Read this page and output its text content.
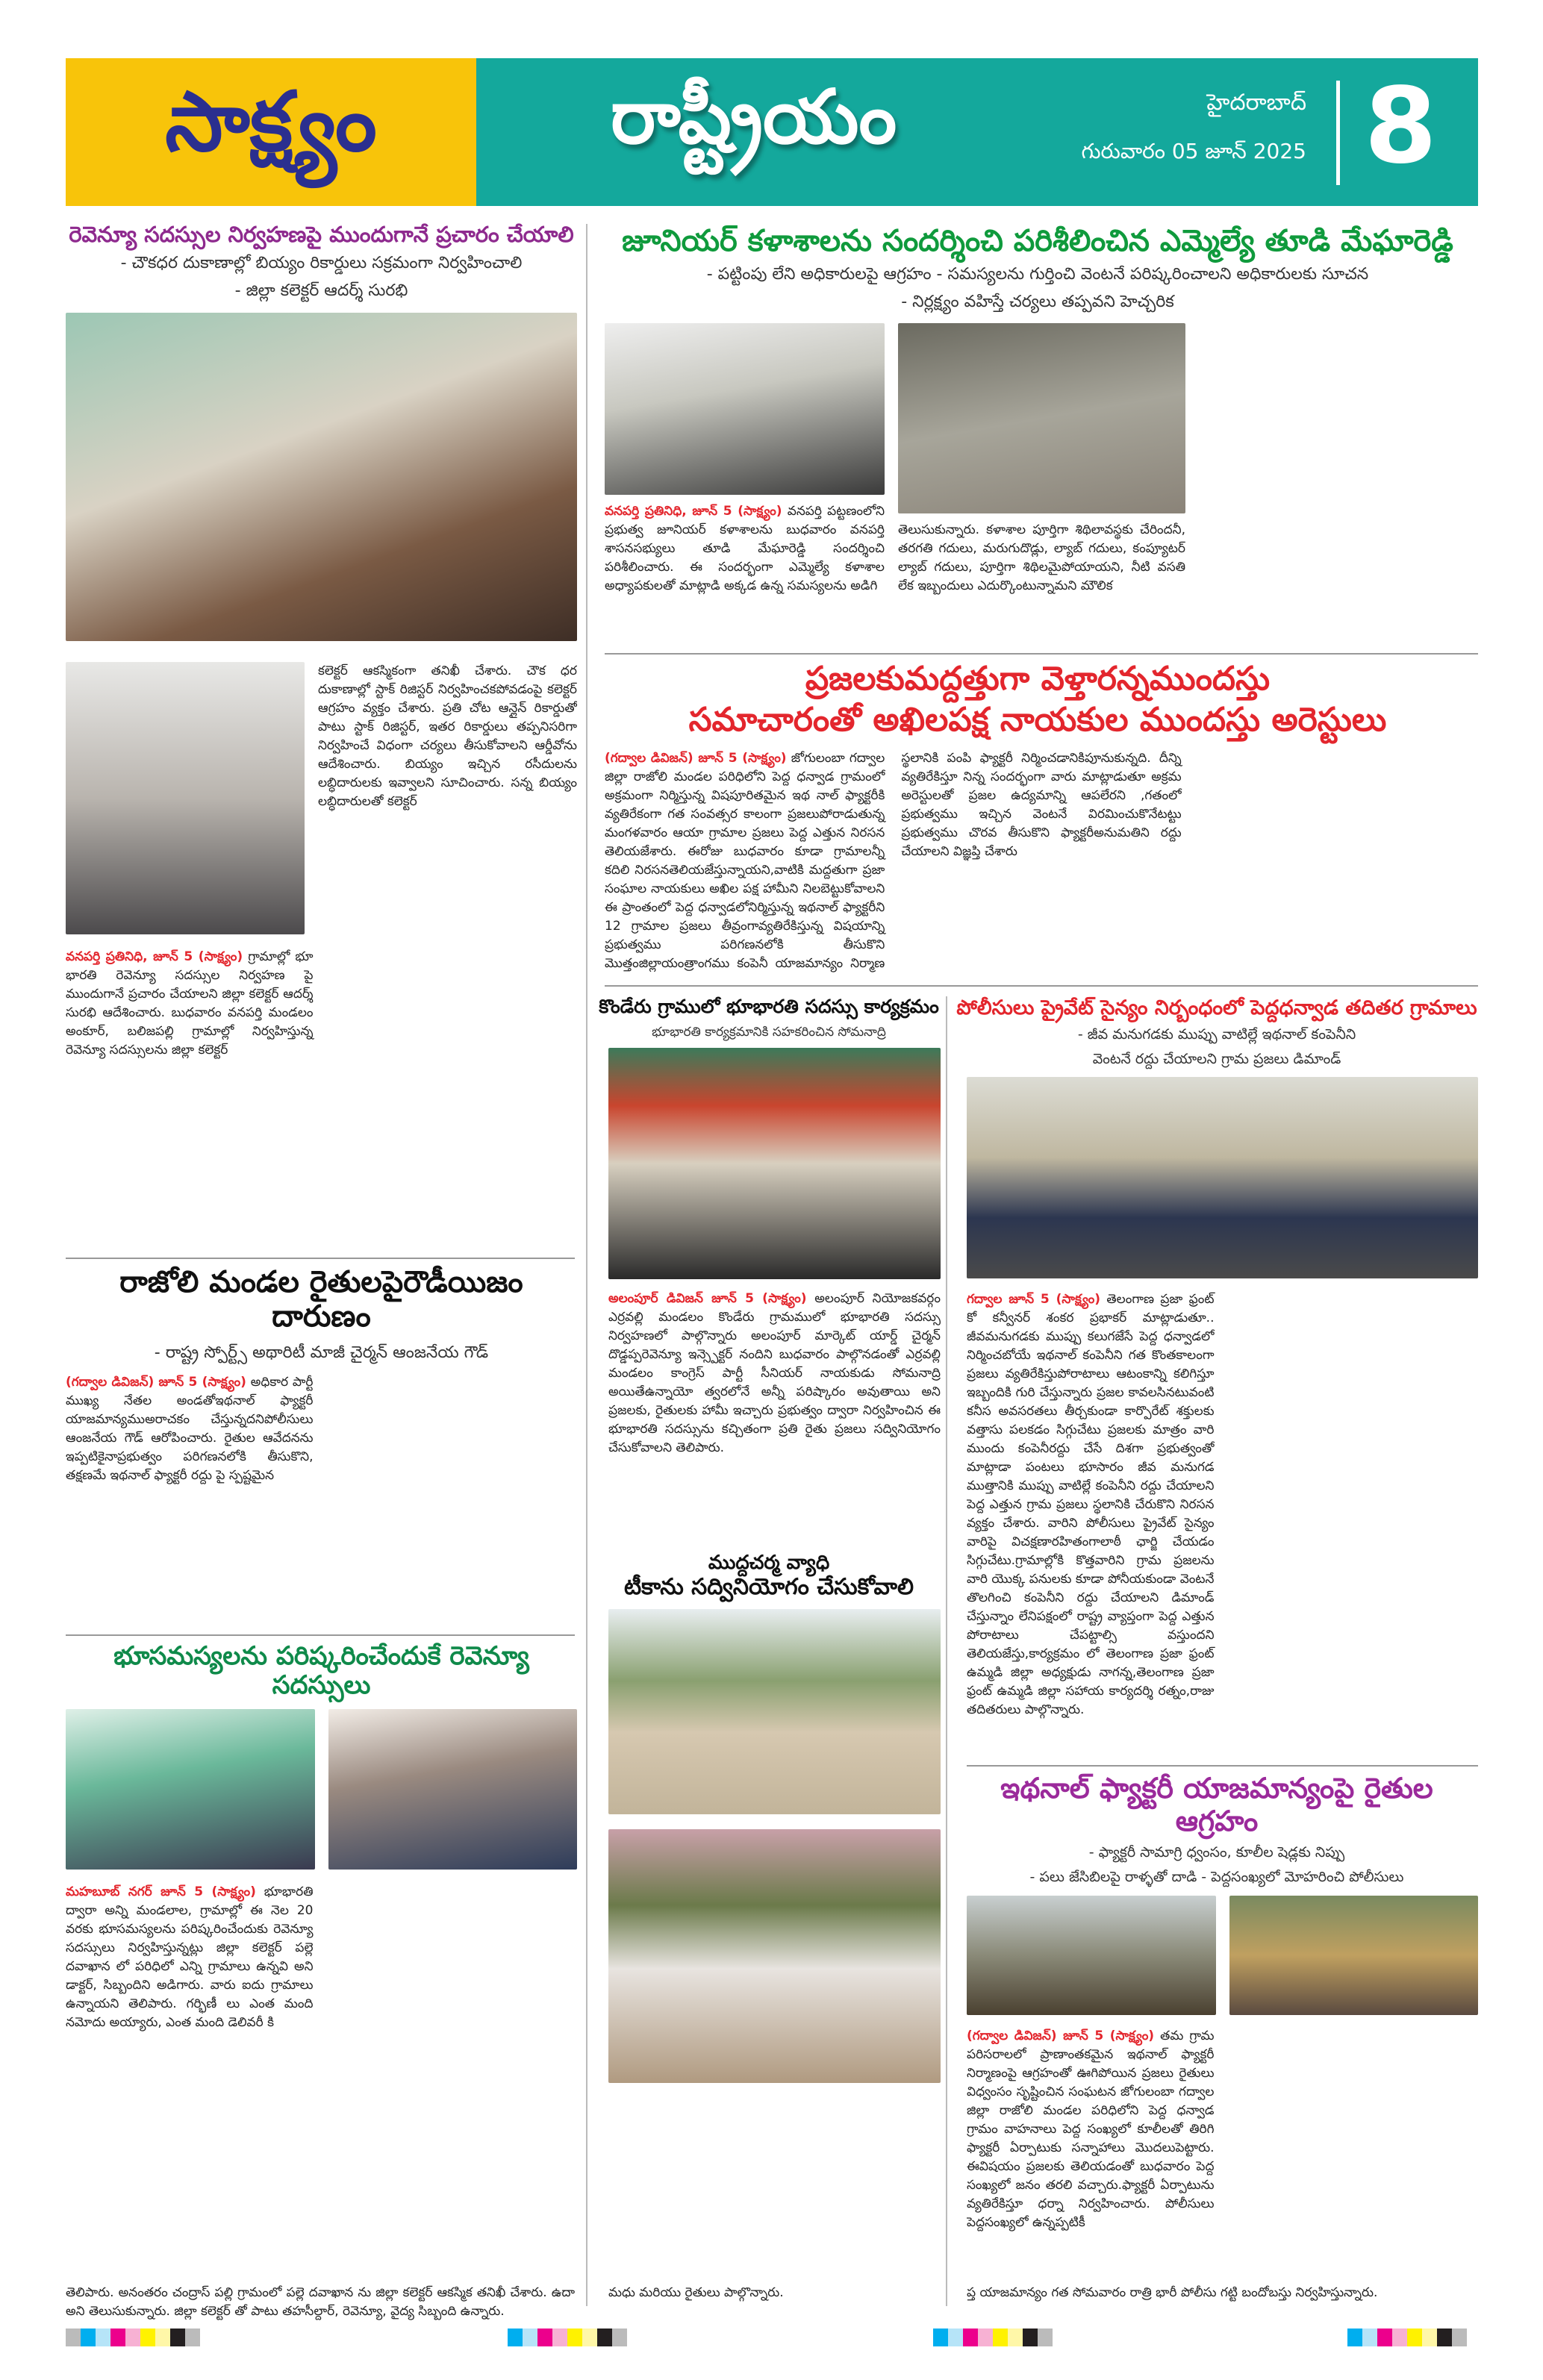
సాక్ష్యం	రాష్ట్రీయం	హైదరాబాద్
గురువారం 05 జూన్ 2025 8
రెవెన్యూ సదస్సుల నిర్వహణపై ముందుగానే ప్రచారం చేయాలి
- చౌకధర దుకాణాల్లో బియ్యం రికార్డులు సక్రమంగా నిర్వహించాలి
- జిల్లా కలెక్టర్ ఆదర్శ్ సురభి
కలెక్టర్ ఆకస్మికంగా తనిఖీ చేశారు. చౌక ధర దుకాణాల్లో స్టాక్ రిజిస్టర్ నిర్వహించకపోవడంపై కలెక్టర్ ఆగ్రహం వ్యక్తం చేశారు. ప్రతి చోట ఆన్లైన్ రికార్డుతో పాటు స్టాక్ రిజిస్టర్, ఇతర రికార్డులు తప్పనిసరిగా నిర్వహించే విధంగా చర్యలు తీసుకోవాలని ఆర్డీవోను ఆదేశించారు. బియ్యం ఇచ్చిన రసీదులను లబ్ధిదారులకు ఇవ్వాలని సూచించారు. సన్న బియ్యం లబ్ధిదారులతో కలెక్టర్
వనపర్తి ప్రతినిధి, జూన్ 5 (సాక్ష్యం) గ్రామాల్లో భూ భారతి రెవెన్యూ సదస్సుల నిర్వహణ పై ముందుగానే ప్రచారం చేయాలని జిల్లా కలెక్టర్ ఆదర్శ్ సురభి ఆదేశించారు. బుధవారం వనపర్తి మండలం అంకూర్, బలిజపల్లి గ్రామాల్లో నిర్వహిస్తున్న రెవెన్యూ సదస్సులను జిల్లా కలెక్టర్
రాజోలి మండల రైతులపైరౌడీయిజం దారుణం
- రాష్ట్ర స్పోర్ట్స్ అథారిటీ మాజీ చైర్మన్ ఆంజనేయ గౌడ్
(గద్వాల డివిజన్) జూన్ 5 (సాక్ష్యం) అధికార పార్టీ ముఖ్య నేతల అండతోఇథనాల్ ఫ్యాక్టరీ యాజమాన్యముఅరాచకం చేస్తున్నదనిపోలీసులు ఆంజనేయ గౌడ్ ఆరోపించారు. రైతుల ఆవేదనను ఇప్పటికైనాప్రభుత్వం పరిగణనలోకి తీసుకొని, తక్షణమే ఇథనాల్ ఫ్యాక్టరీ రద్దు పై స్పష్టమైన
భూసమస్యలను పరిష్కరించేందుకే రెవెన్యూ సదస్సులు
మహబూబ్ నగర్ జూన్ 5 (సాక్ష్యం) భూభారతి ద్వారా అన్ని మండలాల, గ్రామాల్లో ఈ నెల 20 వరకు భూసమస్యలను పరిష్కరించేందుకు రెవెన్యూ సదస్సులు నిర్వహిస్తున్నట్లు జిల్లా కలెక్టర్ పల్లె దవాఖాన లో పరిధిలో ఎన్ని గ్రామాలు ఉన్నవి అని డాక్టర్, సిబ్బందిని అడిగారు. వారు ఐదు గ్రామాలు ఉన్నాయని తెలిపారు. గర్భిణీ లు ఎంత మంది నమోదు అయ్యారు, ఎంత మంది డెలివరీ కి
తెలిపారు. అనంతరం చంద్రాస్ పల్లి గ్రామంలో పల్లె దవాఖాన ను జిల్లా కలెక్టర్ ఆకస్మిక తనిఖీ చేశారు. ఉదా అని తెలుసుకున్నారు. జిల్లా కలెక్టర్ తో పాటు తహసీల్దార్, రెవెన్యూ, వైద్య సిబ్బంది ఉన్నారు.
జూనియర్ కళాశాలను సందర్శించి పరిశీలించిన ఎమ్మెల్యే తూడి మేఘారెడ్డి
- పట్టింపు లేని అధికారులపై ఆగ్రహం - సమస్యలను గుర్తించి వెంటనే పరిష్కరించాలని అధికారులకు సూచన
- నిర్లక్ష్యం వహిస్తే చర్యలు తప్పవని హెచ్చరిక
వనపర్తి ప్రతినిధి, జూన్ 5 (సాక్ష్యం) వనపర్తి పట్టణంలోని ప్రభుత్వ జూనియర్ కళాశాలను బుధవారం వనపర్తి శాసనసభ్యులు తూడి మేఘారెడ్డి సందర్శించి పరిశీలించారు. ఈ సందర్భంగా ఎమ్మెల్యే కళాశాల అధ్యాపకులతో మాట్లాడి అక్కడ ఉన్న సమస్యలను అడిగి
తెలుసుకున్నారు. కళాశాల పూర్తిగా శిథిలావస్థకు చేరిందనీ, తరగతి గదులు, మరుగుదొడ్లు, ల్యాబ్ గదులు, కంప్యూటర్ ల్యాబ్ గదులు, పూర్తిగా శిథిలమైపోయాయని, నీటి వసతి లేక ఇబ్బందులు ఎదుర్కొంటున్నామని మౌలిక
ప్రజలకుమద్దత్తుగా వెళ్తారన్నముందస్తు
సమాచారంతో అఖిలపక్ష నాయకుల ముందస్తు అరెస్టులు
(గద్వాల డివిజన్) జూన్ 5 (సాక్ష్యం) జోగులంబా గద్వాల జిల్లా రాజోలి మండల పరిధిలోని పెద్ద ధన్వాడ గ్రామంలో అక్రమంగా నిర్మిస్తున్న విషపూరితమైన ఇథ నాల్ ఫ్యాక్టరీకి వ్యతిరేకంగా గత సంవత్సర కాలంగా ప్రజలుపోరాడుతున్న మంగళవారం ఆయా గ్రామాల ప్రజలు పెద్ద ఎత్తున నిరసన తెలియజేశారు. ఈరోజు బుధవారం కూడా గ్రామాలన్నీ కదిలి నిరసనతెలియజేస్తున్నాయని,వాటికి మద్దతుగా ప్రజా సంఘాల నాయకులు అఖిల పక్ష హామీని నిలబెట్టుకోవాలని ఈ ప్రాంతంలో పెద్ద ధన్వాడలోనిర్మిస్తున్న ఇథనాల్ ఫ్యాక్టరీని 12 గ్రామాల ప్రజలు తీవ్రంగావ్యతిరేకిస్తున్న విషయాన్ని ప్రభుత్వము పరిగణనలోకి తీసుకొని మొత్తంజిల్లాయంత్రాంగము కంపెనీ యాజమాన్యం నిర్మాణ స్థలానికి పంపి ఫ్యాక్టరీ నిర్మించడానికిపూనుకున్నది. దీన్ని వ్యతిరేకిస్తూ నిన్న సందర్భంగా వారు మాట్లాడుతూ అక్రమ అరెస్టులతో ప్రజల ఉద్యమాన్ని ఆపలేరని ,గతంలో ప్రభుత్వము ఇచ్చిన వెంటనే విరమించుకొనేటట్టు ప్రభుత్వము చొరవ తీసుకొని ఫ్యాక్టరీఅనుమతిని రద్దు చేయాలని విజ్ఞప్తి చేశారు
కొండేరు గ్రాములో భూభారతి సదస్సు కార్యక్రమం
భూభారతి కార్యక్రమానికి సహకరించిన సోమనాద్రి
అలంపూర్ డివిజన్ జూన్ 5 (సాక్ష్యం) అలంపూర్ నియోజకవర్గం ఎర్రవల్లి మండలం కొండేరు గ్రామములో భూభారతి సదస్సు నిర్వహణలో పాల్గొన్నారు అలంపూర్ మార్కెట్ యార్డ్ చైర్మన్ దొడ్డప్పరెవెన్యూ ఇన్స్పెక్టర్ నందిని బుధవారం పాల్గొనడంతో ఎర్రవల్లి మండలం కాంగ్రెస్ పార్టీ సీనియర్ నాయకుడు సోమనాద్రి అయితేఉన్నాయో త్వరలోనే అన్నీ పరిష్కారం అవుతాయి అని ప్రజలకు, రైతులకు హామీ ఇచ్చారు ప్రభుత్వం ద్వారా నిర్వహించిన ఈ భూభారతి సదస్సును కచ్చితంగా ప్రతి రైతు ప్రజలు సద్వినియోగం చేసుకోవాలని తెలిపారు.
ముద్దచర్మ వ్యాధి
టీకాను సద్వినియోగం చేసుకోవాలి
మధు మరియు రైతులు పాల్గొన్నారు.
పోలీసులు ప్రైవేట్ సైన్యం నిర్బంధంలో పెద్దధన్వాడ తదితర గ్రామాలు
- జీవ మనుగడకు ముప్పు వాటిల్లే ఇథనాల్ కంపెనీని
వెంటనే రద్దు చేయాలని గ్రామ ప్రజలు డిమాండ్
గద్వాల జూన్ 5 (సాక్ష్యం) తెలంగాణ ప్రజా ఫ్రంట్ కో కన్వీనర్ శంకర ప్రభాకర్ మాట్లాడుతూ.. జీవమనుగడకు ముప్పు కలుగజేసే పెద్ద ధన్వాడలో నిర్మించబోయే ఇథనాల్ కంపెనీని గత కొంతకాలంగా ప్రజలు వ్యతిరేకిస్తుపోరాటాలు ఆటంకాన్ని కలిగిస్తూ ఇబ్బందికి గురి చేస్తున్నారు ప్రజల కావలసినటువంటి కనీస అవసరతలు తీర్చకుండా కార్పొరేట్ శక్తులకు వత్తాసు పలకడం సిగ్గుచేటు ప్రజలకు మాత్రం వారి ముందు కంపెనీరద్దు చేసే దిశగా ప్రభుత్వంతో మాట్లాడా పంటలు భూసారం జీవ మనుగడ ముత్తానికి ముప్పు వాటిల్లే కంపెనీని రద్దు చేయాలని పెద్ద ఎత్తున గ్రామ ప్రజలు స్థలానికి చేరుకొని నిరసన వ్యక్తం చేశారు. వారిని పోలీసులు ప్రైవేట్ సైన్యం వారిపై విచక్షణారహితంగాలాఠీ ఛార్జి చేయడం సిగ్గుచేటు.గ్రామాల్లోకి కొత్తవారిని గ్రామ ప్రజలను వారి యొక్క పనులకు కూడా పోనీయకుండా వెంటనే తొలగించి కంపెనీని రద్దు చేయాలని డిమాండ్ చేస్తున్నాం లేనిపక్షంలో రాష్ట్ర వ్యాప్తంగా పెద్ద ఎత్తున పోరాటాలు చేపట్టాల్సి వస్తుందని తెలియజేస్తు,కార్యక్రమం లో తెలంగాణ ప్రజా ఫ్రంట్ ఉమ్మడి జిల్లా అధ్యక్షుడు నాగన్న,తెలంగాణ ప్రజా ఫ్రంట్ ఉమ్మడి జిల్లా సహాయ కార్యదర్శి రత్నం,రాజు తదితరులు పాల్గొన్నారు.
ఇథనాల్ ఫ్యాక్టరీ యాజమాన్యంపై రైతుల ఆగ్రహం
- ఫ్యాక్టరీ సామాగ్రి ధ్వంసం, కూలీల షెడ్లకు నిప్పు
- పలు జేసిబిలపై రాళ్ళతో దాడి - పెద్దసంఖ్యలో మోహరించి పోలీసులు
(గద్వాల డివిజన్) జూన్ 5 (సాక్ష్యం) తమ గ్రామ పరిసరాలలో ప్రాణాంతకమైన ఇథనాల్ ఫ్యాక్టరీ నిర్మాణంపై ఆగ్రహంతో ఊగిపోయిన ప్రజలు రైతులు విధ్వంసం సృష్టించిన సంఘటన జోగులంబా గద్వాల జిల్లా రాజోలి మండల పరిధిలోని పెద్ద ధన్వాడ గ్రామం వాహనాలు పెద్ద సంఖ్యలో కూలీలతో తిరిగి ఫ్యాక్టరీ ఏర్పాటుకు సన్నాహాలు మొదలుపెట్టారు. ఈవిషయం ప్రజలకు తెలియడంతో బుధవారం పెద్ద సంఖ్యలో జనం తరలి వచ్చారు.ఫ్యాక్టరీ ఏర్పాటును వ్యతిరేకిస్తూ ధర్నా నిర్వహించారు. పోలీసులు పెద్దసంఖ్యలో ఉన్నప్పటికీ
ప్త యాజమాన్యం గత సోమవారం రాత్రి భారీ పోలీసు గట్టి బందోబస్తు నిర్వహిస్తున్నారు.
